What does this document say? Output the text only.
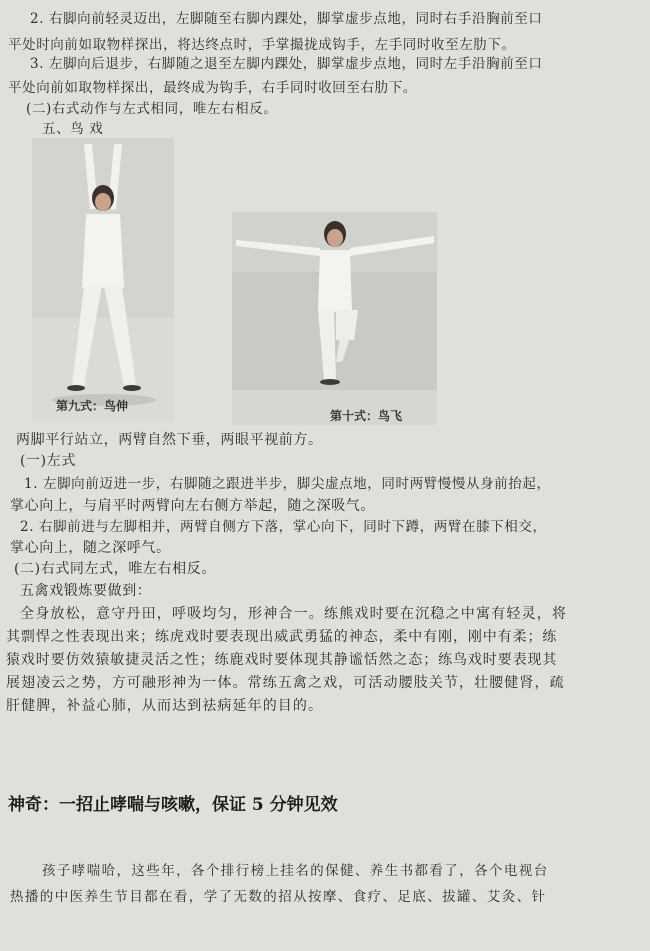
2. 右脚向前轻灵迈出，左脚随至右脚内踝处，脚掌虚步点地，同时右手沿胸前至口
平处时向前如取物样探出，将达终点时，手掌撮拢成钩手，左手同时收至左肋下。
3. 左脚向后退步，右脚随之退至左脚内踝处，脚掌虚步点地，同时左手沿胸前至口
平处向前如取物样探出，最终成为钩手，右手同时收回至右肋下。
(二)右式动作与左式相同，唯左右相反。
五、鸟 戏
第九式：鸟伸
第十式：鸟飞
两脚平行站立，两臂自然下垂，两眼平视前方。
(一)左式
1. 左脚向前迈进一步，右脚随之跟进半步，脚尖虚点地，同时两臂慢慢从身前抬起，
掌心向上，与肩平时两臂向左右侧方举起，随之深吸气。
2. 右脚前进与左脚相并，两臂自侧方下落，掌心向下，同时下蹲，两臂在膝下相交，
掌心向上，随之深呼气。
(二)右式同左式，唯左右相反。
五禽戏锻炼要做到：
全身放松，意守丹田，呼吸均匀，形神合一。练熊戏时要在沉稳之中寓有轻灵，将
其剽悍之性表现出来；练虎戏时要表现出威武勇猛的神态，柔中有刚，刚中有柔；练
猿戏时要仿效猿敏捷灵活之性；练鹿戏时要体现其静谧恬然之态；练鸟戏时要表现其
展翅凌云之势，方可融形神为一体。常练五禽之戏，可活动腰肢关节，壮腰健肾，疏
肝健脾，补益心肺，从而达到祛病延年的目的。
神奇：一招止哮喘与咳嗽，保证 5 分钟见效
孩子哮喘哈，这些年，各个排行榜上挂名的保健、养生书都看了，各个电视台
热播的中医养生节目都在看，学了无数的招从按摩、食疗、足底、拔罐、艾灸、针
